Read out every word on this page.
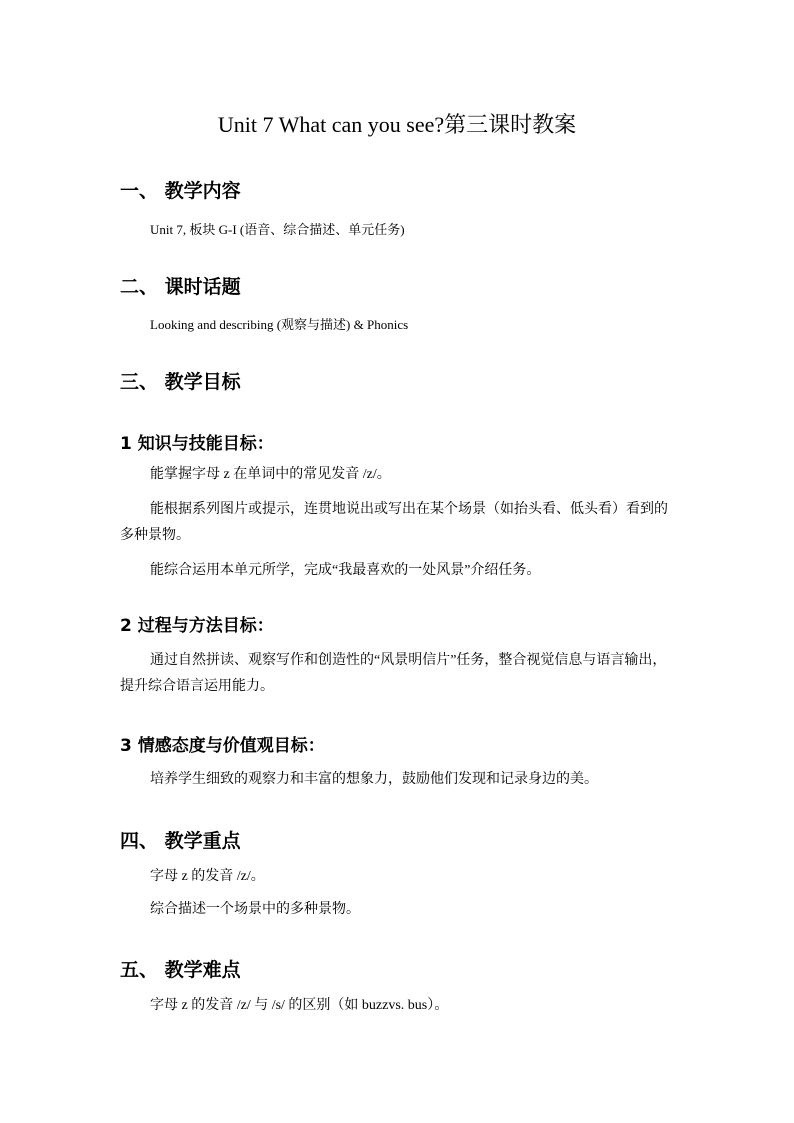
Unit 7 What can you see?第三课时教案
一、 教学内容
Unit 7, 板块 G-I (语音、综合描述、单元任务)
二、 课时话题
Looking and describing (观察与描述) & Phonics
三、 教学目标
1 知识与技能目标：
能掌握字母 z 在单词中的常见发音 /z/。
能根据系列图片或提示，连贯地说出或写出在某个场景（如抬头看、低头看）看到的多种景物。
能综合运用本单元所学，完成“我最喜欢的一处风景”介绍任务。
2 过程与方法目标：
通过自然拼读、观察写作和创造性的“风景明信片”任务，整合视觉信息与语言输出，提升综合语言运用能力。
3 情感态度与价值观目标：
培养学生细致的观察力和丰富的想象力，鼓励他们发现和记录身边的美。
四、 教学重点
字母 z 的发音 /z/。
综合描述一个场景中的多种景物。
五、 教学难点
字母 z 的发音 /z/ 与 /s/ 的区别（如 buzzvs. bus）。
